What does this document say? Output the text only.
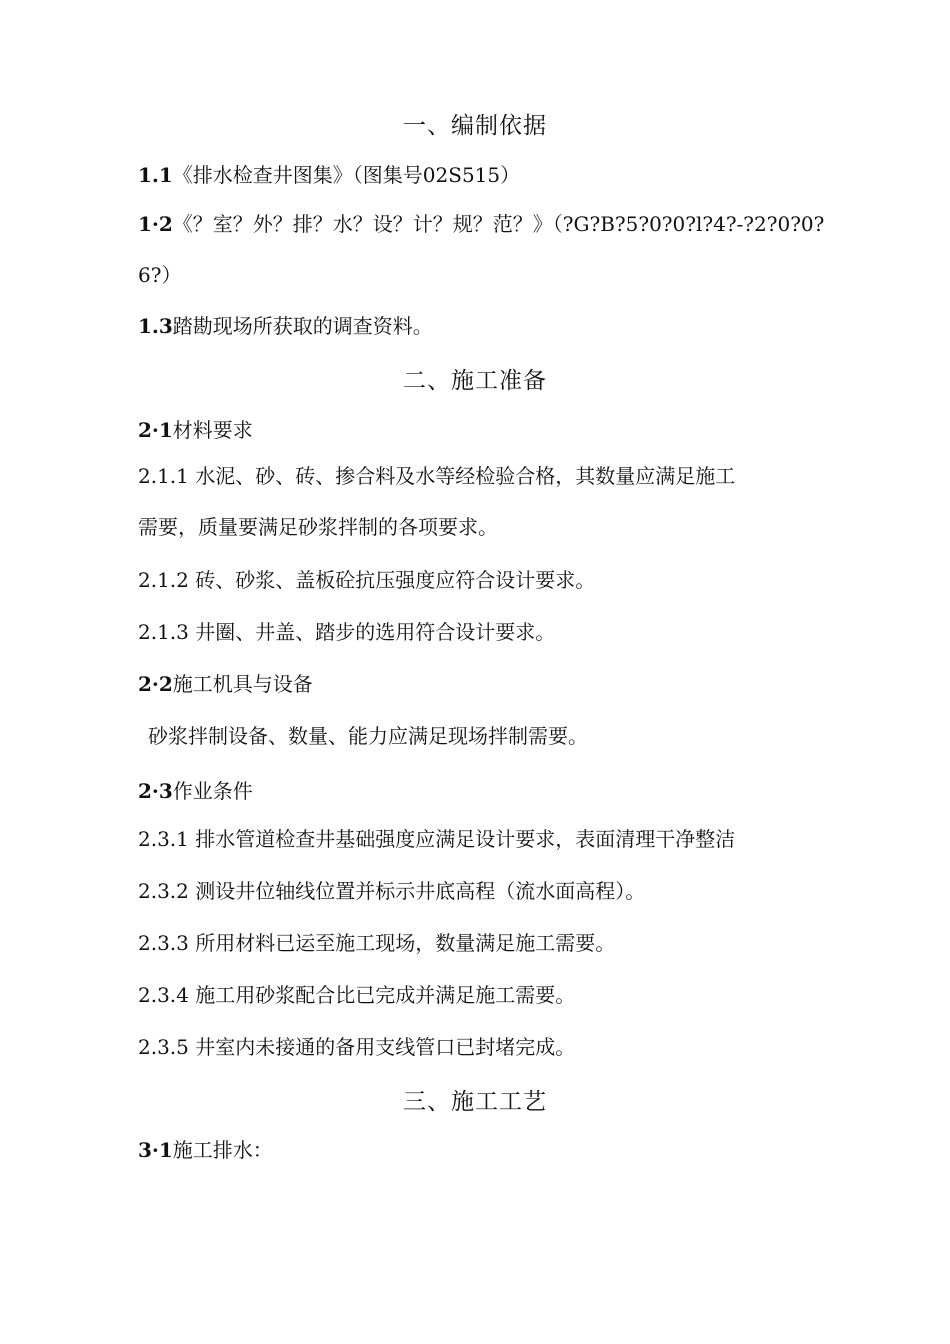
一、编制依据
1.1《排水检查井图集》（图集号02S515）
1·2《？室？外？排？水？设？计？规？范？》（?G?B?5?0?0?l?4?-?2?0?0?
6?）
1.3踏勘现场所获取的调查资料。
二、施工准备
2·1材料要求
2.1.1 水泥、砂、砖、掺合料及水等经检验合格，其数量应满足施工
需要，质量要满足砂浆拌制的各项要求。
2.1.2 砖、砂浆、盖板砼抗压强度应符合设计要求。
2.1.3 井圈、井盖、踏步的选用符合设计要求。
2·2施工机具与设备
砂浆拌制设备、数量、能力应满足现场拌制需要。
2·3作业条件
2.3.1 排水管道检查井基础强度应满足设计要求，表面清理干净整洁
2.3.2 测设井位轴线位置并标示井底高程（流水面高程）。
2.3.3 所用材料已运至施工现场，数量满足施工需要。
2.3.4 施工用砂浆配合比已完成并满足施工需要。
2.3.5 井室内未接通的备用支线管口已封堵完成。
三、施工工艺
3·1施工排水：
